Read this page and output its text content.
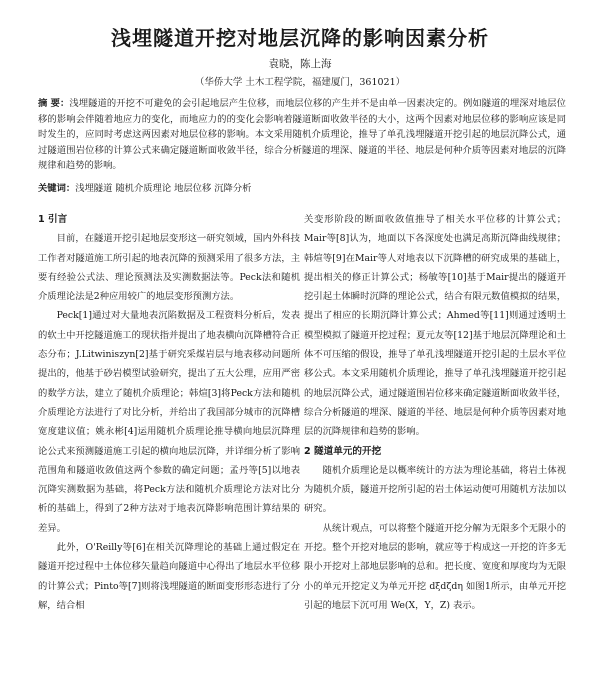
浅埋隧道开挖对地层沉降的影响因素分析
袁晓，陈上海
（华侨大学 土木工程学院，福建厦门，361021）
摘 要：浅埋隧道的开挖不可避免的会引起地层产生位移，而地层位移的产生并不是由单一因素决定的。例如隧道的埋深对地层位移的影响会伴随着地应力的变化，而地应力的的变化会影响着隧道断面收敛半径的大小，这两个因素对地层位移的影响应该是同时发生的，应同时考虑这两因素对地层位移的影响。本文采用随机介质理论，推导了单孔浅埋隧道开挖引起的地层沉降公式，通过隧道围岩位移的计算公式来确定隧道断面收敛半径，综合分析隧道的埋深、隧道的半径、地层是何种介质等因素对地层的沉降规律和趋势的影响。
关键词：浅埋隧道 随机介质理论 地层位移 沉降分析
1 引言

目前，在隧道开挖引起地层变形这一研究领域，国内外科技工作者对隧道施工所引起的地表沉降的预测采用了很多方法，主要有经验公式法、理论预测法及实测数据法等。Peck法和随机介质理论法是2种应用较广的地层变形预测方法。

Peck[1]通过对大量地表沉陷数据及工程资料分析后，发表的软土中开挖隧道施工的现状指并提出了地表横向沉降槽符合正态分布；J.Litwiniszyn[2]基于研究采煤岩层与地表移动问题所提出的，他基于砂岩模型试验研究，提出了五大公理，应用严密的数学方法，建立了随机介质理论；韩煊[3]将Peck方法和随机介质理论方法进行了对比分析，并给出了我国部分城市的沉降槽宽度建议值；姚永彬[4]运用随机介质理论推导横向地层沉降理论公式来预测隧道施工引起的横向地层沉降，并详细分析了影响范围角和隧道收敛值这两个参数的确定问题；孟丹等[5]以地表沉降实测数据为基础，将Peck方法和随机介质理论方法对比分析的基础上，得到了2种方法对于地表沉降影响范围计算结果的差异。

此外，O'Reilly等[6]在相关沉降理论的基础上通过假定在隧道开挖过程中土体位移矢量趋向隧道中心得出了地层水平位移的计算公式；Pinto等[7]则将浅埋隧道的断面变形形态进行了分解，结合相

关变形阶段的断面收敛值推导了相关水平位移的计算公式；Mair等[8]认为，地面以下各深度处也满足高斯沉降曲线规律；韩煊等[9]在Mair等人对地表以下沉降槽的研究成果的基础上，提出相关的修正计算公式；杨敏等[10]基于Mair提出的隧道开挖引起土体瞬时沉降的理论公式，结合有限元数值模拟的结果，提出了相应的长期沉降计算公式；Ahmed等[11]则通过透明土模型模拟了隧道开挖过程；夏元友等[12]基于地层沉降理论和土体不可压缩的假设，推导了单孔浅埋隧道开挖引起的土层水平位移公式。本文采用随机介质理论，推导了单孔浅埋隧道开挖引起的地层沉降公式，通过隧道围岩位移来确定隧道断面收敛半径，综合分析隧道的埋深、隧道的半径、地层是何种介质等因素对地层的沉降规律和趋势的影响。

2 隧道单元的开挖

随机介质理论是以概率统计的方法为理论基础，将岩土体视为随机介质，隧道开挖所引起的岩土体运动便可用随机方法加以研究。

从统计观点，可以将整个隧道开挖分解为无限多个无限小的开挖。整个开挖对地层的影响，就应等于构成这一开挖的许多无限小开挖对上部地层影响的总和。把长度、宽度和厚度均为无限小的单元开挖定义为单元开挖 dξdζdη 如图1所示，由单元开挖引起的地层下沉可用 We(X，Y，Z) 表示。
